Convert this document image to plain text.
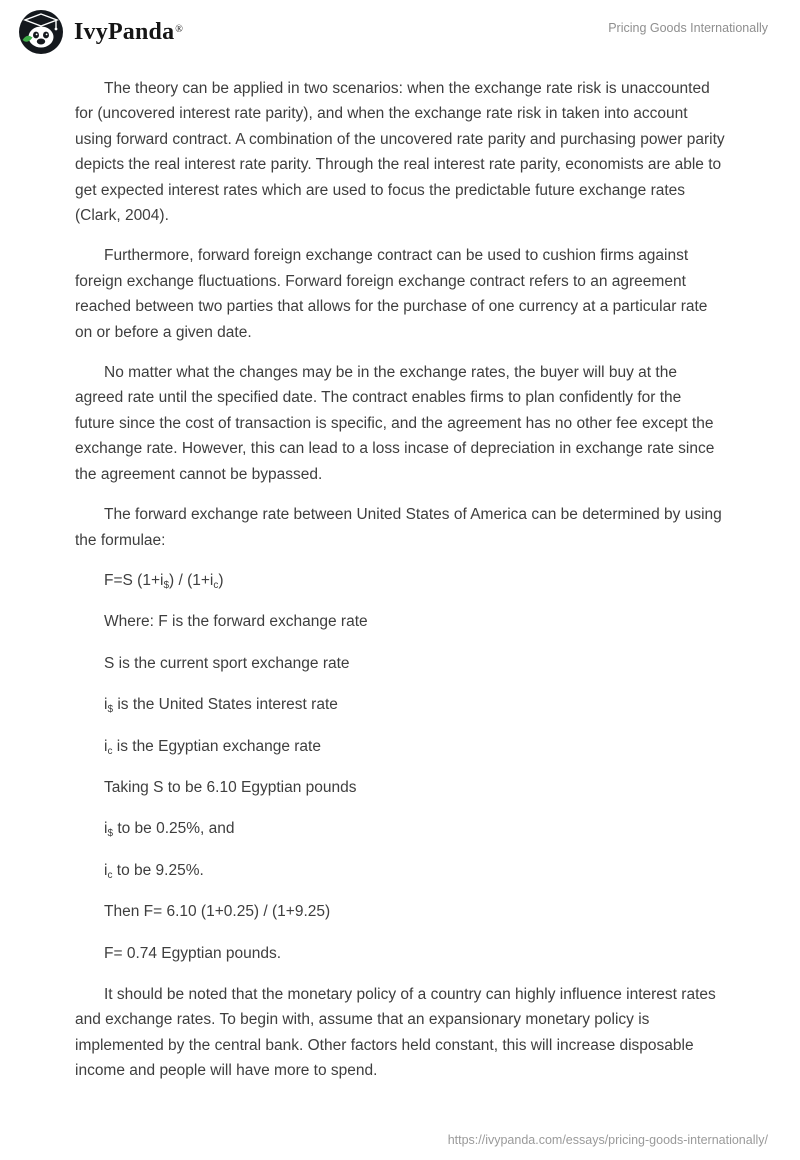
IvyPanda®	Pricing Goods Internationally

The theory can be applied in two scenarios: when the exchange rate risk is unaccounted for (uncovered interest rate parity), and when the exchange rate risk in taken into account using forward contract. A combination of the uncovered rate parity and purchasing power parity depicts the real interest rate parity. Through the real interest rate parity, economists are able to get expected interest rates which are used to focus the predictable future exchange rates (Clark, 2004).

Furthermore, forward foreign exchange contract can be used to cushion firms against foreign exchange fluctuations. Forward foreign exchange contract refers to an agreement reached between two parties that allows for the purchase of one currency at a particular rate on or before a given date.

No matter what the changes may be in the exchange rates, the buyer will buy at the agreed rate until the specified date. The contract enables firms to plan confidently for the future since the cost of transaction is specific, and the agreement has no other fee except the exchange rate. However, this can lead to a loss incase of depreciation in exchange rate since the agreement cannot be bypassed.

The forward exchange rate between United States of America can be determined by using the formulae:

F=S $(1+i_{\$}) / (1+i_c)$

Where: F is the forward exchange rate

S is the current sport exchange rate

$i_{\$}$ is the United States interest rate

$i_c$ is the Egyptian exchange rate

Taking S to be 6.10 Egyptian pounds

$i_{\$}$ to be 0.25%, and

$i_c$ to be 9.25%.

Then F= 6.10 (1+0.25) / (1+9.25)

F= 0.74 Egyptian pounds.

It should be noted that the monetary policy of a country can highly influence interest rates and exchange rates. To begin with, assume that an expansionary monetary policy is implemented by the central bank. Other factors held constant, this will increase disposable income and people will have more to spend.

https://ivypanda.com/essays/pricing-goods-internationally/
